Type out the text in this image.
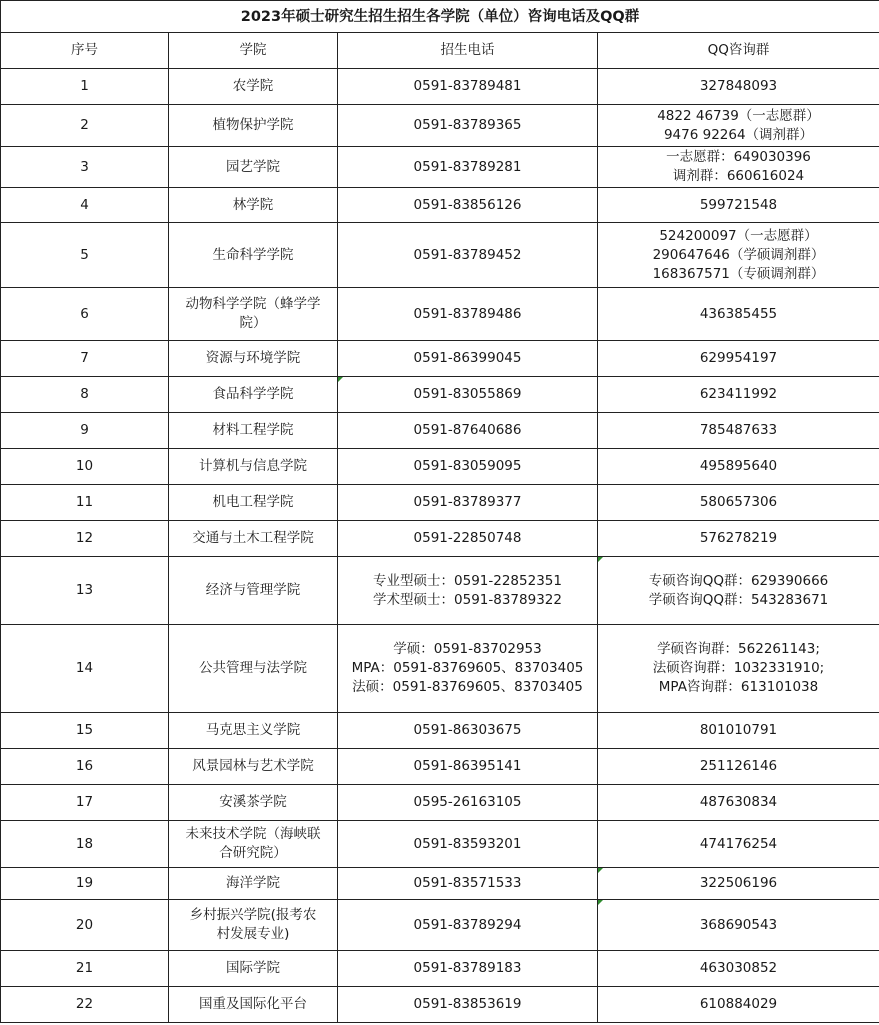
2023年硕士研究生招生招生各学院（单位）咨询电话及QQ群
序号	学院	招生电话	QQ咨询群
1	农学院	0591-83789481	327848093

2	植物保护学院	0591-83789365	4822 46739（一志愿群）
9476 92264（调剂群）

3	园艺学院	0591-83789281	一志愿群：649030396
调剂群：660616024

4	林学院	0591-83856126	599721548

5	生命科学学院	0591-83789452	524200097（一志愿群）
290647646（学硕调剂群）
168367571（专硕调剂群）

6	动物科学学院（蜂学学
院）	0591-83789486	436385455

7	资源与环境学院	0591-86399045	629954197

8	食品科学学院	0591-83055869	623411992

9	材料工程学院	0591-87640686	785487633

10	计算机与信息学院	0591-83059095	495895640

11	机电工程学院	0591-83789377	580657306

12	交通与土木工程学院	0591-22850748	576278219

13	经济与管理学院	专业型硕士：0591-22852351
学术型硕士：0591-83789322	专硕咨询QQ群：629390666
学硕咨询QQ群：543283671

14	公共管理与法学院	学硕：0591-83702953
MPA：0591-83769605、83703405
法硕：0591-83769605、83703405	学硕咨询群：562261143;
法硕咨询群：1032331910;
MPA咨询群：613101038

15	马克思主义学院	0591-86303675	801010791

16	风景园林与艺术学院	0591-86395141	251126146

17	安溪茶学院	0595-26163105	487630834

18	未来技术学院（海峡联
合研究院）	0591-83593201	474176254

19	海洋学院	0591-83571533	322506196

20	乡村振兴学院(报考农
村发展专业)	0591-83789294	368690543

21	国际学院	0591-83789183	463030852

22	国重及国际化平台	0591-83853619	610884029
